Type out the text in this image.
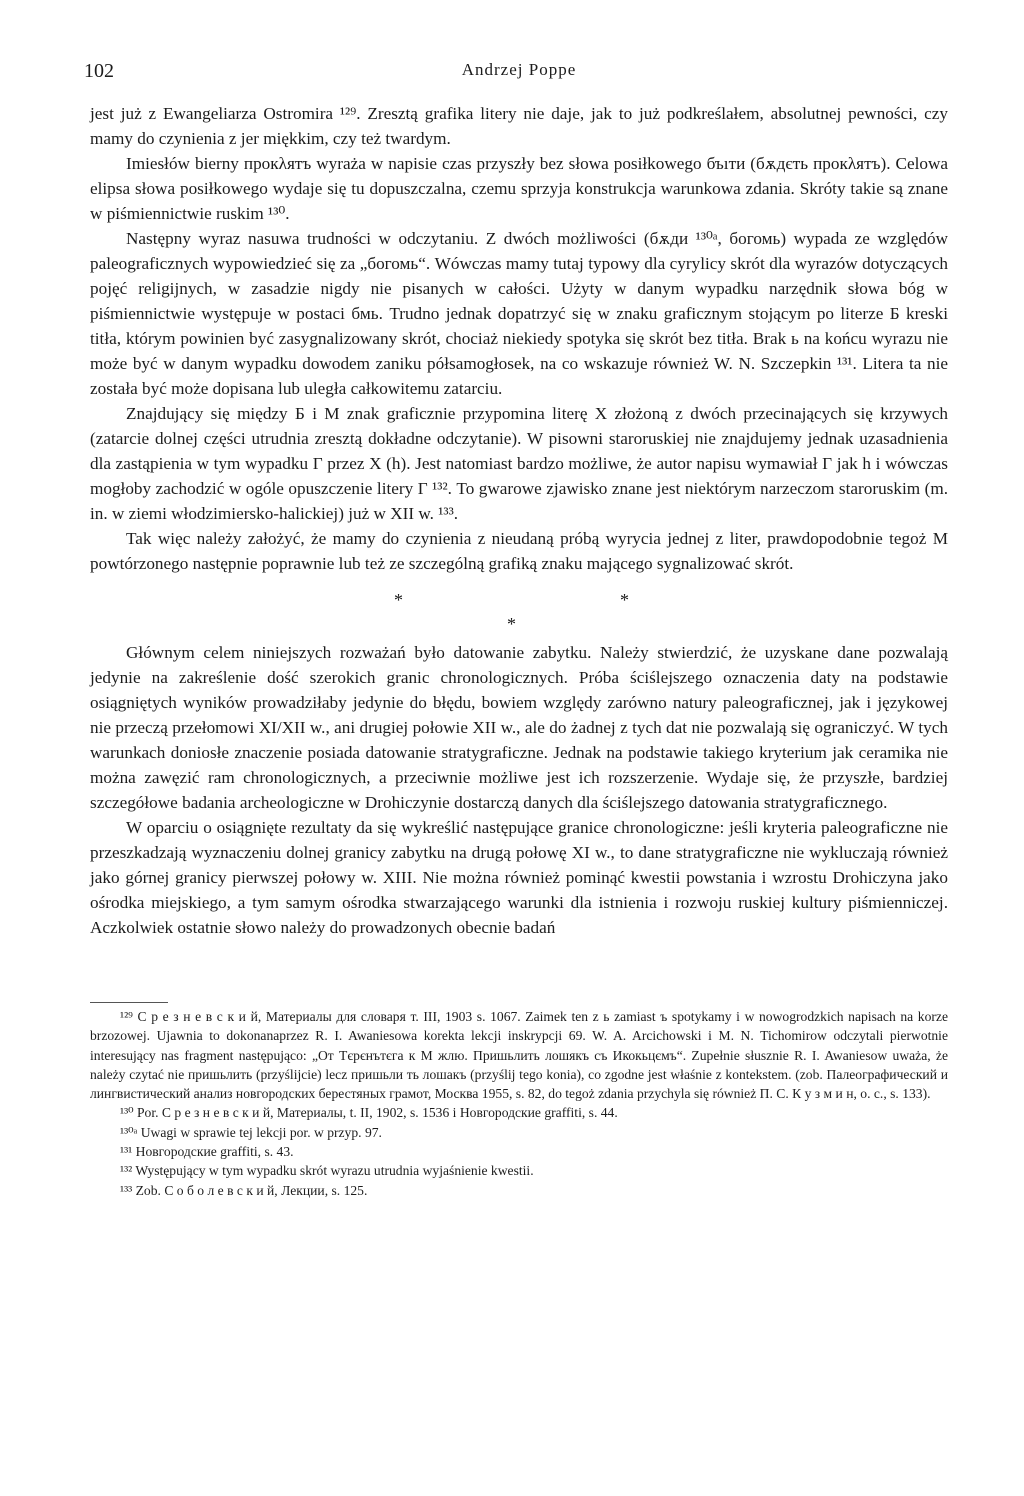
102	Andrzej Poppe

jest już z Ewangeliarza Ostromira ¹²⁹. Zresztą grafika litery nie daje, jak to już podkreślałem, absolutnej pewności, czy mamy do czynienia z jer miękkim, czy też twardym.

Imiesłów bierny прокλятъ wyraża w napisie czas przyszły bez słowa posiłkowego бъıти (бѫдєть прокλятъ). Celowa elipsa słowa posiłkowego wydaje się tu dopuszczalna, czemu sprzyja konstrukcja warunkowa zdania. Skróty takie są znane w piśmiennictwie ruskim ¹³⁰.

Następny wyraz nasuwa trudności w odczytaniu. Z dwóch możliwości (бѫди ¹³⁰ᵃ, богомь) wypada ze względów paleograficznych wypowiedzieć się za „богомь“. Wówczas mamy tutaj typowy dla cyrylicy skrót dla wyrazów dotyczących pojęć religijnych, w zasadzie nigdy nie pisanych w całości. Użyty w danym wypadku narzędnik słowa bóg w piśmiennictwie występuje w postaci бмь. Trudno jednak dopatrzyć się w znaku graficznym stojącym po literze Б kreski titła, którym powinien być zasygnalizowany skrót, chociaż niekiedy spotyka się skrót bez titła. Brak ь na końcu wyrazu nie może być w danym wypadku dowodem zaniku półsamogłosek, na co wskazuje również W. N. Szczepkin ¹³¹. Litera ta nie została być może dopisana lub uległa całkowitemu zatarciu.

Znajdujący się między Б i М znak graficznie przypomina literę Х złożoną z dwóch przecinających się krzywych (zatarcie dolnej części utrudnia zresztą dokładne odczytanie). W pisowni staroruskiej nie znajdujemy jednak uzasadnienia dla zastąpienia w tym wypadku Г przez Х (h). Jest natomiast bardzo możliwe, że autor napisu wymawiał Г jak h i wówczas mogłoby zachodzić w ogóle opuszczenie litery Г ¹³². To gwarowe zjawisko znane jest niektórym narzeczom staroruskim (m. in. w ziemi włodzimiersko-halickiej) już w XII w. ¹³³.

Tak więc należy założyć, że mamy do czynienia z nieudaną próbą wyrycia jednej z liter, prawdopodobnie tegoż М powtórzonego następnie poprawnie lub też ze szczególną grafiką znaku mającego sygnalizować skrót.

*	*
*

Głównym celem niniejszych rozważań było datowanie zabytku. Należy stwierdzić, że uzyskane dane pozwalają jedynie na zakreślenie dość szerokich granic chronologicznych. Próba ściślejszego oznaczenia daty na podstawie osiągniętych wyników prowadziłaby jedynie do błędu, bowiem względy zarówno natury paleograficznej, jak i językowej nie przeczą przełomowi XI/XII w., ani drugiej połowie XII w., ale do żadnej z tych dat nie pozwalają się ograniczyć. W tych warunkach doniosłe znaczenie posiada datowanie stratygraficzne. Jednak na podstawie takiego kryterium jak ceramika nie można zawęzić ram chronologicznych, a przeciwnie możliwe jest ich rozszerzenie. Wydaje się, że przyszłe, bardziej szczegółowe badania archeologiczne w Drohiczynie dostarczą danych dla ściślejszego datowania stratygraficznego.

W oparciu o osiągnięte rezultaty da się wykreślić następujące granice chronologiczne: jeśli kryteria paleograficzne nie przeszkadzają wyznaczeniu dolnej granicy zabytku na drugą połowę XI w., to dane stratygraficzne nie wykluczają również jako górnej granicy pierwszej połowy w. XIII. Nie można również pominąć kwestii powstania i wzrostu Drohiczyna jako ośrodka miejskiego, a tym samym ośrodka stwarzającego warunki dla istnienia i rozwoju ruskiej kultury piśmienniczej. Aczkolwiek ostatnie słowo należy do prowadzonych obecnie badań

¹²⁹ С р е з н е в с к и й, Материалы для словаря т. III, 1903 s. 1067. Zaimek ten z ь zamiast ъ spotykamy i w nowogrodzkich napisach na korze brzozowej. Ujawnia to dokonanaprzez R. I. Awaniesowa korekta lekcji inskrypcji 69. W. A. Arcichowski i M. N. Tichomirow odczytali pierwotnie interesujący nas fragment następująco: „От Тєрєнътєга к М жлю. Пришьлить лошякъ съ Икокьцємъ“. Zupełnie słusznie R. I. Awaniesow uważa, że należy czytać nie пришьлить (przyślijcie) lecz пришьли ть лошакъ (przyślij tego konia), co zgodne jest właśnie z kontekstem. (zob. Палеографический и лингвистический анализ новгородских берестяных грамот, Москва 1955, s. 82, do tegoż zdania przychyla się również П. С. К у з м и н, o. c., s. 133).

¹³⁰ Por. С р е з н е в с к и й, Материалы, t. II, 1902, s. 1536 i Новгородские graffiti, s. 44.

¹³⁰ᵃ Uwagi w sprawie tej lekcji por. w przyp. 97.

¹³¹ Новгородские graffiti, s. 43.

¹³² Występujący w tym wypadku skrót wyrazu utrudnia wyjaśnienie kwestii.

¹³³ Zob. С о б о л е в с к и й, Лекции, s. 125.
